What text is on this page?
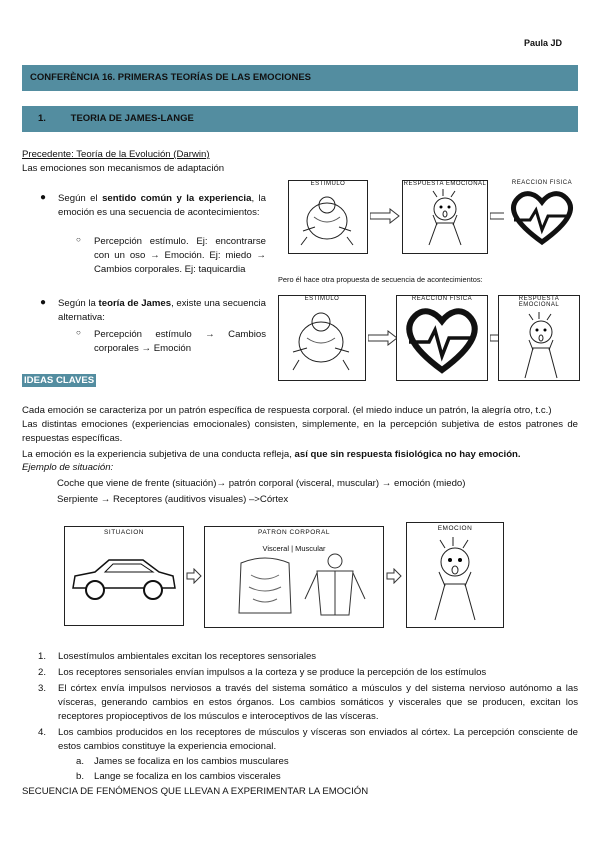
Paula JD
CONFERÈNCIA 16. PRIMERAS TEORÍAS DE LAS EMOCIONES
1.	TEORIA DE JAMES-LANGE
Precedente: Teoría de la Evolución (Darwin)
Las emociones son mecanismos de adaptación
● Según el sentido común y la experiencia, la emoción es una secuencia de acontecimientos:
○ Percepción estímulo. Ej: encontrarse con un oso → Emoción. Ej: miedo → Cambios corporales. Ej: taquicardia
● Según la teoría de James, existe una secuencia alternativa:
○ Percepción estímulo → Cambios corporales → Emoción
ESTIMULO	RESPUESTA EMOCIONAL	REACCION FISICA
Pero él hace otra propuesta de secuencia de acontecimientos:
ESTIMULO	REACCION FISICA	RESPUESTA EMOCIONAL
IDEAS CLAVES
Cada emoción se caracteriza por un patrón específica de respuesta corporal. (el miedo induce un patrón, la alegría otro, t.c.)
Las distintas emociones (experiencias emocionales) consisten, simplemente, en la percepción subjetiva de estos patrones de respuestas específicas.
La emoción es la experiencia subjetiva de una conducta refleja, así que sin respuesta fisiológica no hay emoción.
Ejemplo de situación:
Coche que viene de frente (situación)→ patrón corporal (visceral, muscular) → emoción (miedo)
Serpiente → Receptores (auditivos visuales) –>Córtex
SITUACION	PATRON CORPORAL
Visceral | Muscular
EMOCION
1. Losestímulos ambientales excitan los receptores sensoriales
2. Los receptores sensoriales envían impulsos a la corteza y se produce la percepción de los estímulos
3. El córtex envía impulsos nerviosos a través del sistema somático a músculos y del sistema nervioso autónomo a las vísceras, generando cambios en estos órganos. Los cambios somáticos y viscerales que se producen, excitan los receptores propioceptivos de los músculos e interoceptivos de las vísceras.
4. Los cambios producidos en los receptores de músculos y vísceras son enviados al córtex. La percepción consciente de estos cambios constituye la experiencia emocional.
a. James se focaliza en los cambios musculares
b. Lange se focaliza en los cambios viscerales
SECUENCIA DE FENÓMENOS QUE LLEVAN A EXPERIMENTAR LA EMOCIÓN
